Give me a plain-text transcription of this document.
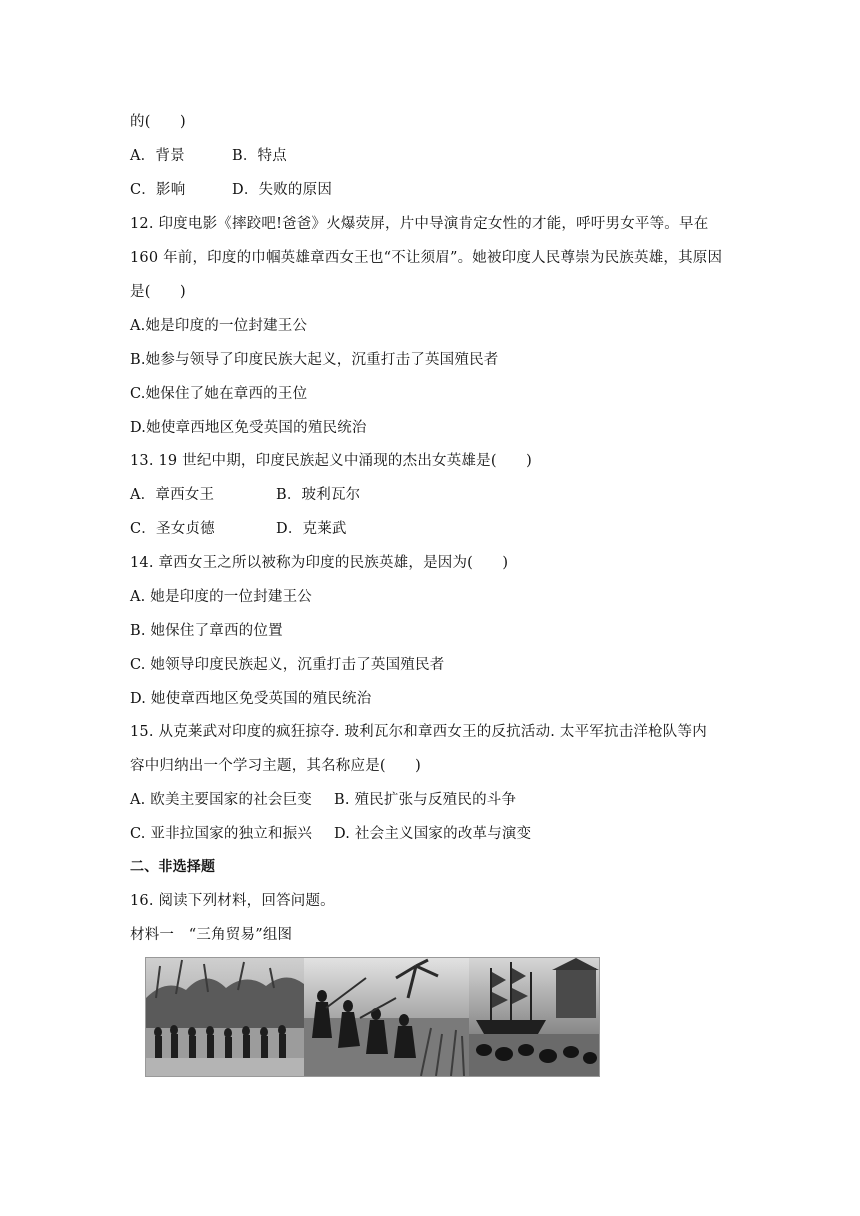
的(　　)
A．背景	B．特点
C．影响	D．失败的原因
12. 印度电影《摔跤吧!爸爸》火爆荧屏，片中导演肯定女性的才能，呼吁男女平等。早在
160 年前，印度的巾帼英雄章西女王也“不让须眉”。她被印度人民尊崇为民族英雄，其原因
是(　　)
A.她是印度的一位封建王公
B.她参与领导了印度民族大起义，沉重打击了英国殖民者
C.她保住了她在章西的王位
D.她使章西地区免受英国的殖民统治
13. 19 世纪中期，印度民族起义中涌现的杰出女英雄是(　　)
A．章西女王	B．玻利瓦尔
C．圣女贞德	D．克莱武
14. 章西女王之所以被称为印度的民族英雄，是因为(　　)
A. 她是印度的一位封建王公
B. 她保住了章西的位置
C. 她领导印度民族起义，沉重打击了英国殖民者
D. 她使章西地区免受英国的殖民统治
15. 从克莱武对印度的疯狂掠夺. 玻利瓦尔和章西女王的反抗活动. 太平军抗击洋枪队等内
容中归纳出一个学习主题，其名称应是(　　)
A. 欧美主要国家的社会巨变	B. 殖民扩张与反殖民的斗争
C. 亚非拉国家的独立和振兴	D. 社会主义国家的改革与演变
二、非选择题
16. 阅读下列材料，回答问题。
材料一　“三角贸易”组图
